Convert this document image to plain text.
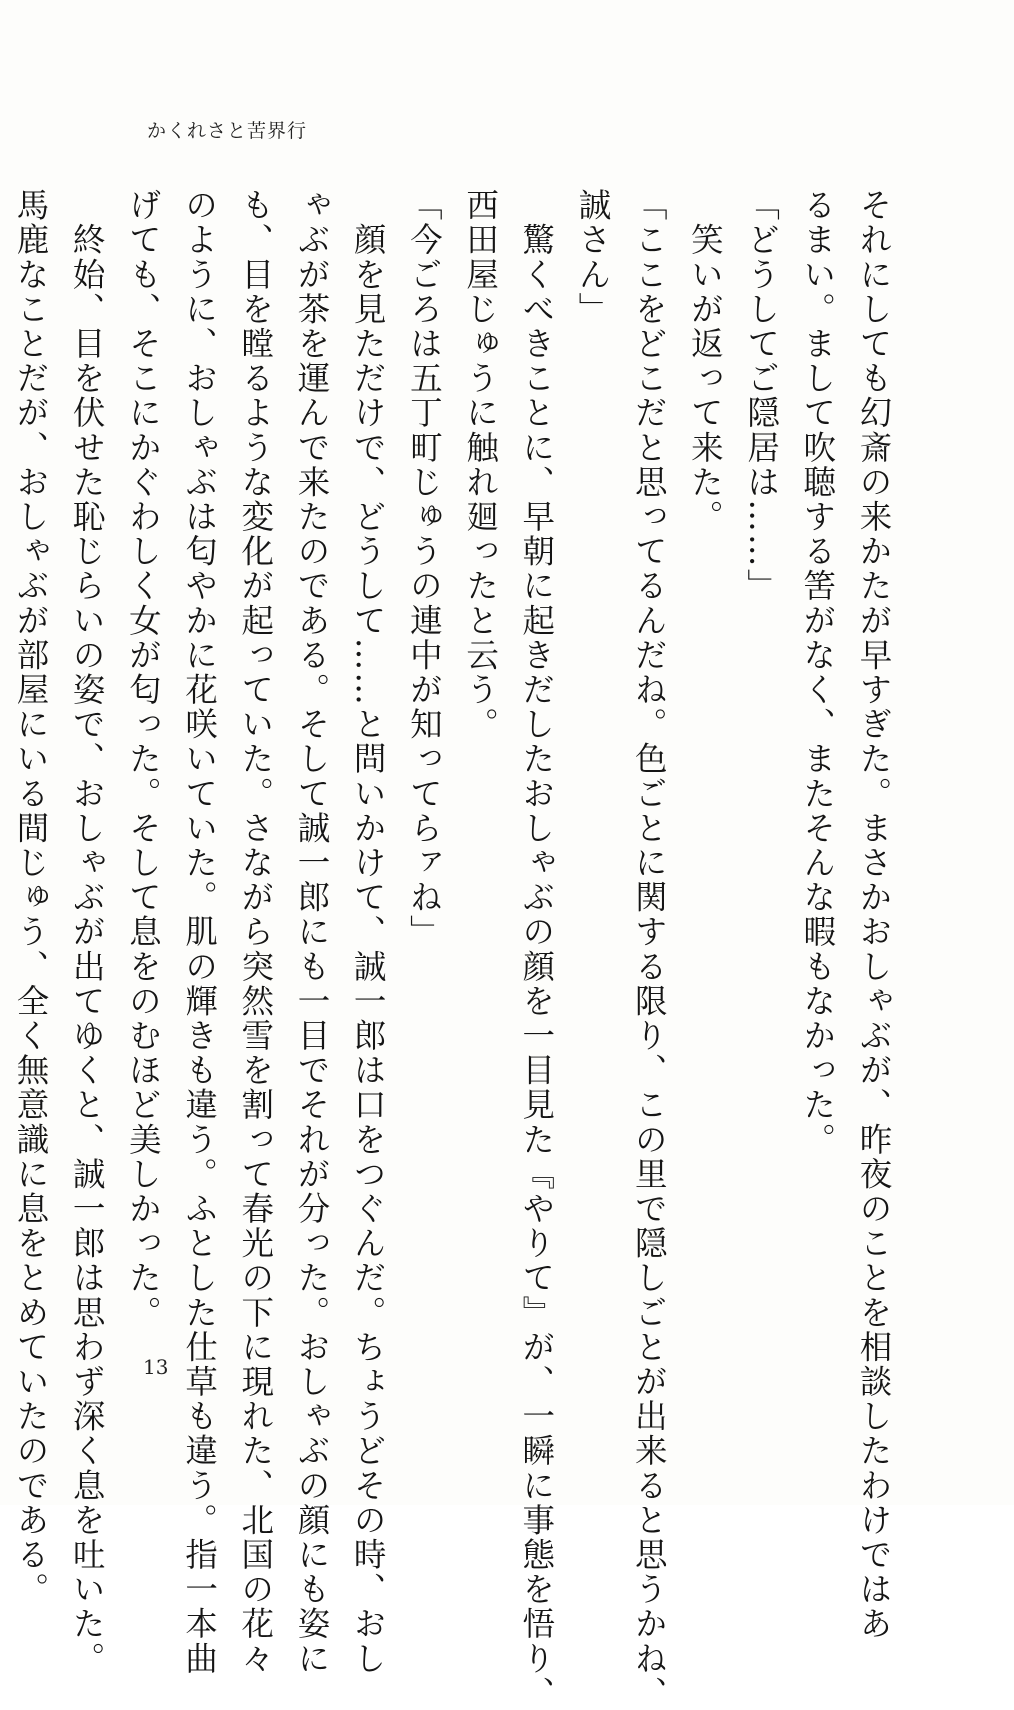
かくれさと苦界行

それにしても幻斎の来かたが早すぎた。まさかおしゃぶが、昨夜のことを相談したわけではあ

るまい。まして吹聴する筈がなく、またそんな暇もなかった。

「どうしてご隠居は……」

　笑いが返って来た。

「ここをどこだと思ってるんだね。色ごとに関する限り、この里で隠しごとが出来ると思うかね、

誠さん」

　驚くべきことに、早朝に起きだしたおしゃぶの顔を一目見た『やりて』が、一瞬に事態を悟り、

西田屋じゅうに触れ廻ったと云う。

「今ごろは五丁町じゅうの連中が知ってらァね」

　顔を見ただけで、どうして……と問いかけて、誠一郎は口をつぐんだ。ちょうどその時、おし

ゃぶが茶を運んで来たのである。そして誠一郎にも一目でそれが分った。おしゃぶの顔にも姿に

も、目を瞠るような変化が起っていた。さながら突然雪を割って春光の下に現れた、北国の花々

のように、おしゃぶは匂やかに花咲いていた。肌の輝きも違う。ふとした仕草も違う。指一本曲

げても、そこにかぐわしく女が匂った。そして息をのむほど美しかった。

　終始、目を伏せた恥じらいの姿で、おしゃぶが出てゆくと、誠一郎は思わず深く息を吐いた。

馬鹿なことだが、おしゃぶが部屋にいる間じゅう、全く無意識に息をとめていたのである。	13
